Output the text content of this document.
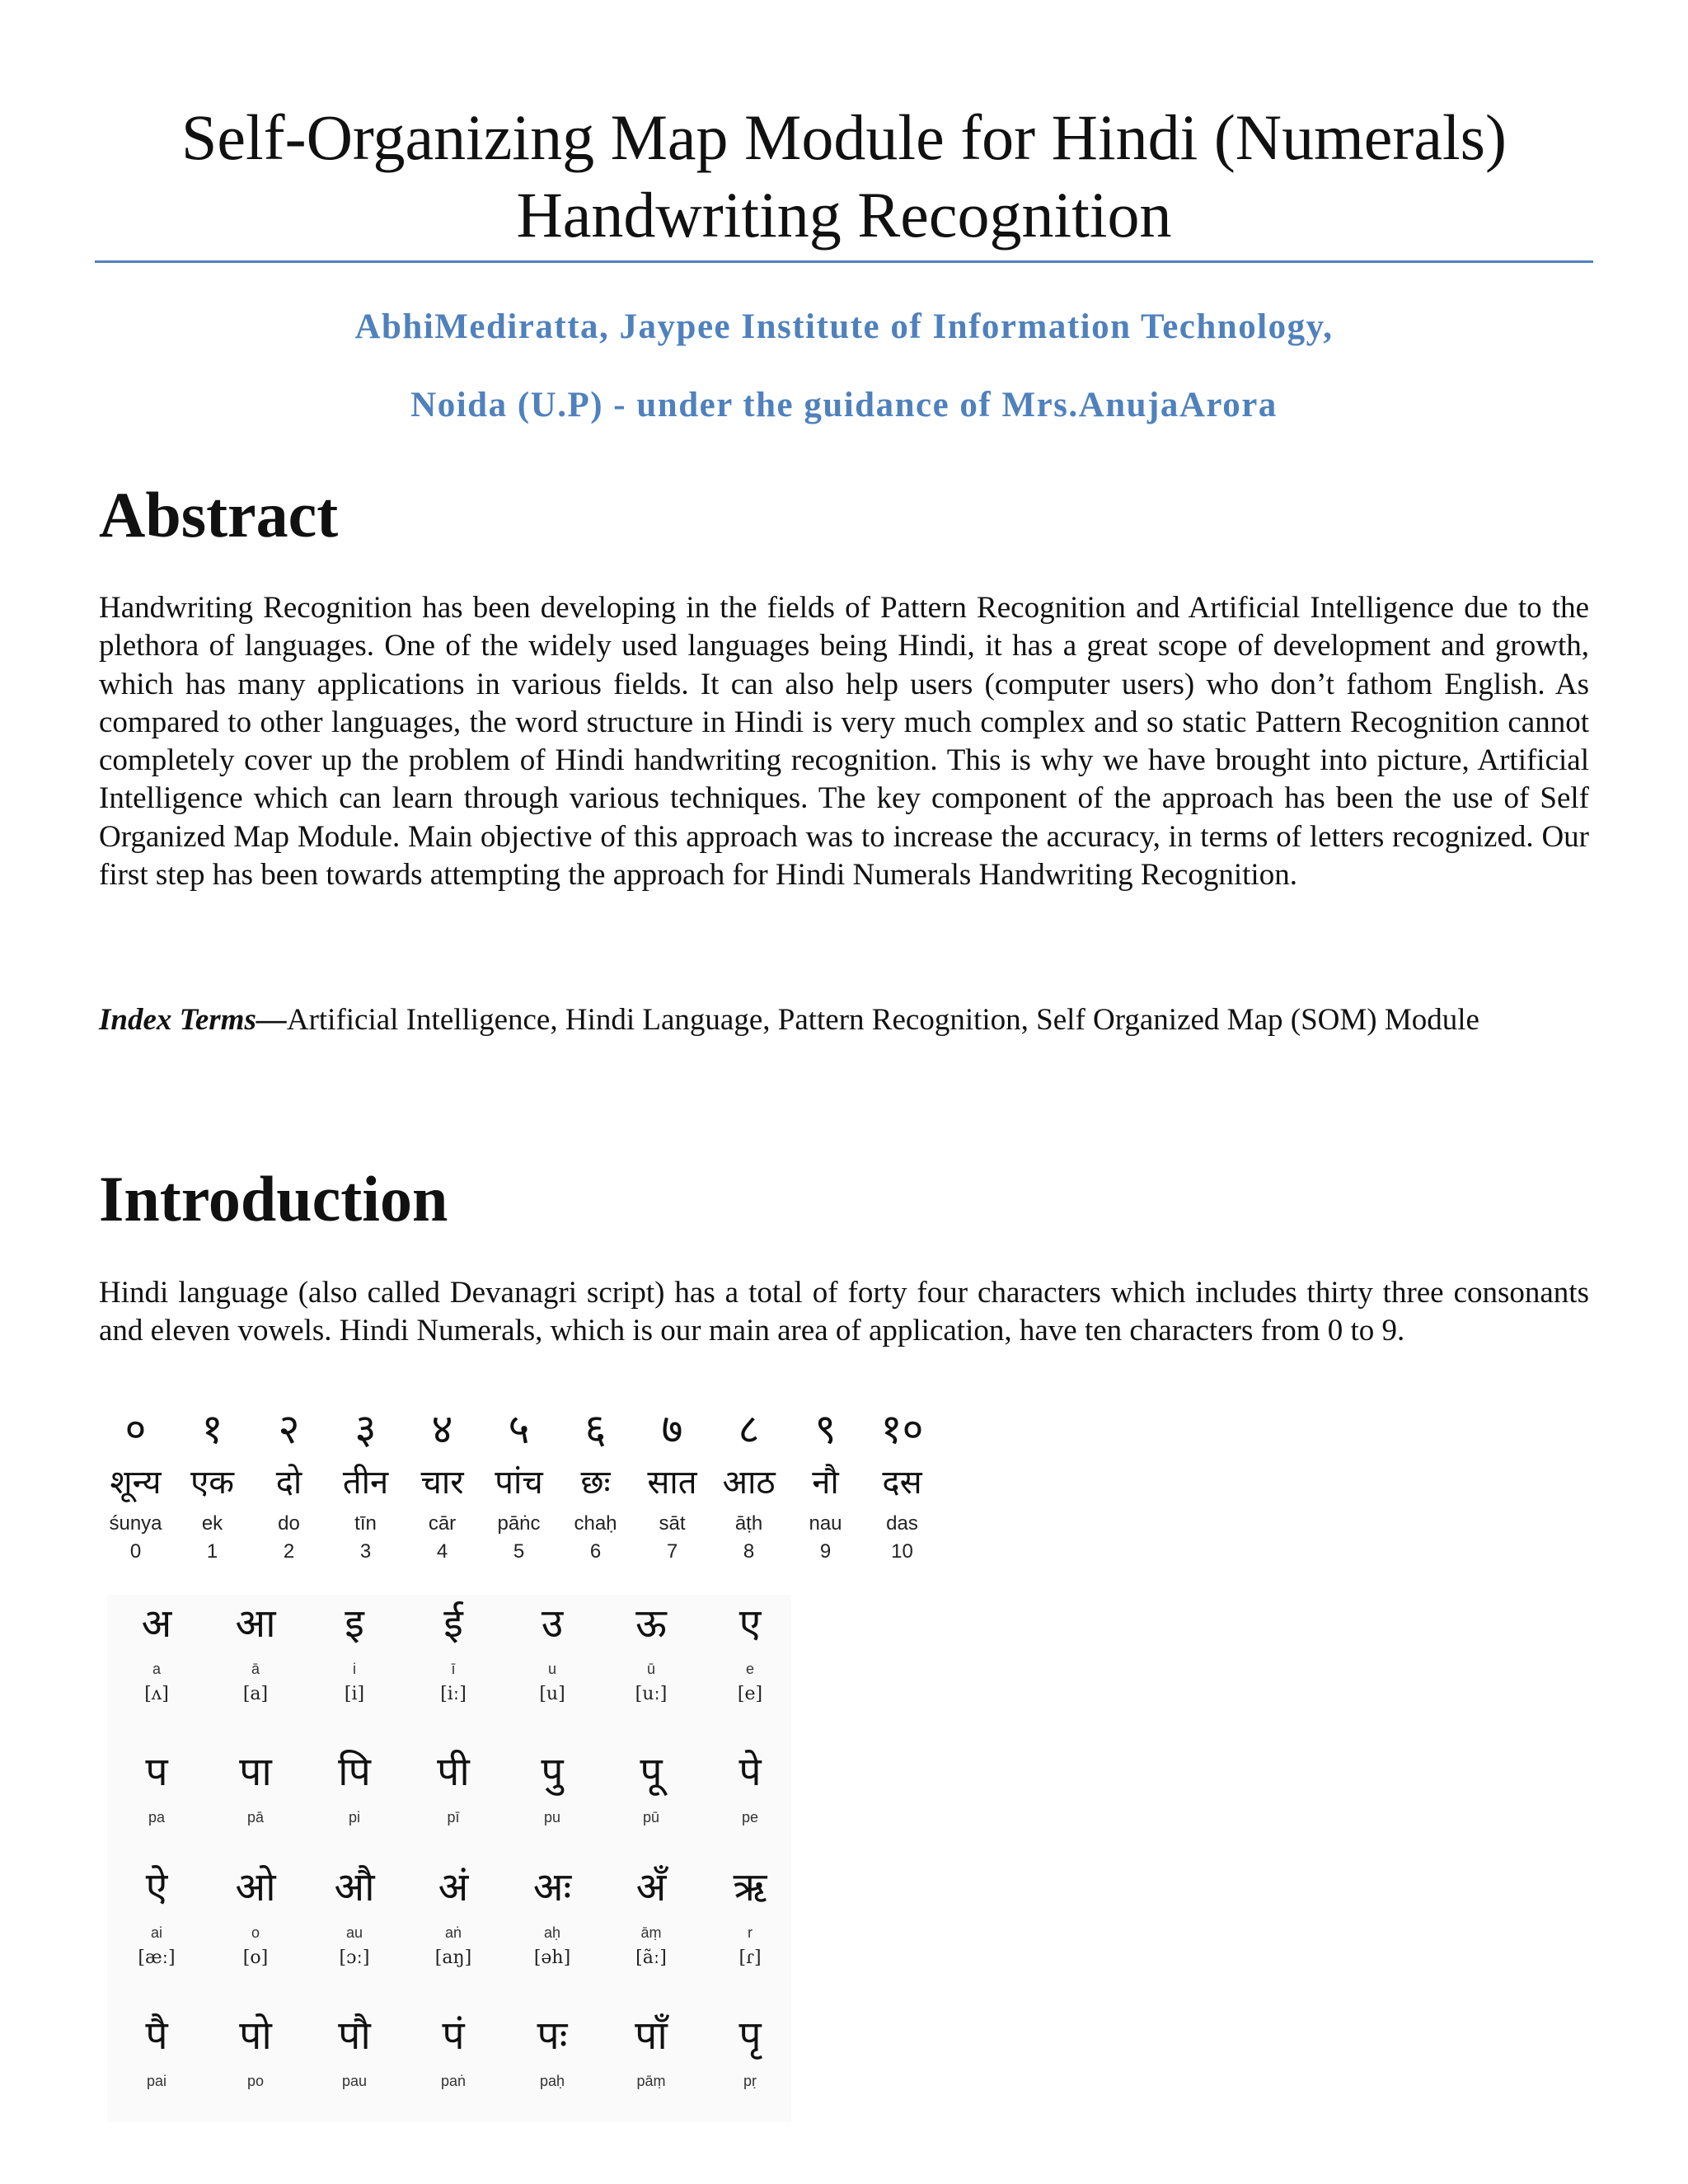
Self-Organizing Map Module for Hindi (Numerals)
Handwriting Recognition
AbhiMediratta, Jaypee Institute of Information Technology,
Noida (U.P) - under the guidance of Mrs.AnujaArora
Abstract
Handwriting Recognition has been developing in the fields of Pattern Recognition and Artificial Intelligence due to the plethora of languages. One of the widely used languages being Hindi, it has a great scope of development and growth, which has many applications in various fields. It can also help users (computer users) who don’t fathom English. As compared to other languages, the word structure in Hindi is very much complex and so static Pattern Recognition cannot completely cover up the problem of Hindi handwriting recognition. This is why we have brought into picture, Artificial Intelligence which can learn through various techniques. The key component of the approach has been the use of Self Organized Map Module. Main objective of this approach was to increase the accuracy, in terms of letters recognized. Our first step has been towards attempting the approach for Hindi Numerals Handwriting Recognition.
Index Terms—Artificial Intelligence, Hindi Language, Pattern Recognition, Self Organized Map (SOM) Module
Introduction
Hindi language (also called Devanagri script) has a total of forty four characters which includes thirty three consonants and eleven vowels. Hindi Numerals, which is our main area of application, have ten characters from 0 to 9.
०
शून्य
śunya
0
१
एक
ek
1
२
दो
do
2
३
तीन
tīn
3
४
चार
cār
4
५
पांच
pāṅc
5
६
छः
chaḥ
6
७
सात
sāt
7
८
आठ
āṭh
8
९
नौ
nau
9
१०
दस
das
10
अ
a
[ʌ]
आ
ā
[a]
इ
i
[i]
ई
ī
[iː]
उ
u
[u]
ऊ
ū
[uː]
ए
e
[e]
प
pa
प
pā
प
pi
प
pī
प
pu
प
pū
प
pe
ऐ
ai
[æː]
ओ
o
[o]
औ
au
[ɔː]
अं
aṅ
[aŋ]
अः
aḥ
[əh]
अँ
āṃ
[ãː]
ऋ
r
[ɾ]
प
pai
प
po
प
pau
प
paṅ
प
paḥ
प
pāṃ
प
pṛ
